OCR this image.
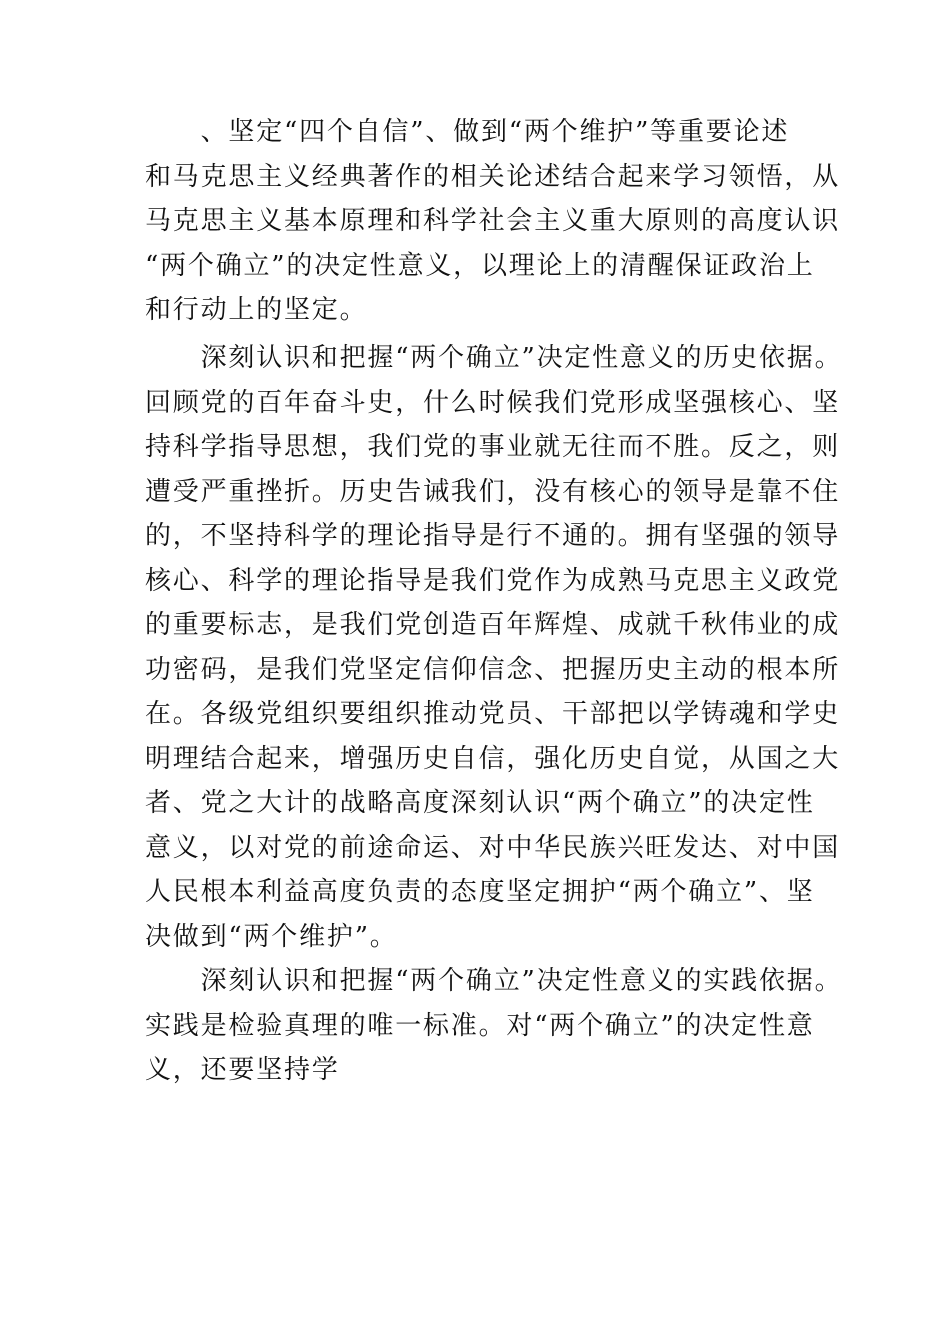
　　、坚定“四个自信”、做到“两个维护”等重要论述
和马克思主义经典著作的相关论述结合起来学习领悟，从
马克思主义基本原理和科学社会主义重大原则的高度认识
“两个确立”的决定性意义，以理论上的清醒保证政治上
和行动上的坚定。
　　深刻认识和把握“两个确立”决定性意义的历史依据。
回顾党的百年奋斗史，什么时候我们党形成坚强核心、坚
持科学指导思想，我们党的事业就无往而不胜。反之，则
遭受严重挫折。历史告诫我们，没有核心的领导是靠不住
的，不坚持科学的理论指导是行不通的。拥有坚强的领导
核心、科学的理论指导是我们党作为成熟马克思主义政党
的重要标志，是我们党创造百年辉煌、成就千秋伟业的成
功密码，是我们党坚定信仰信念、把握历史主动的根本所
在。各级党组织要组织推动党员、干部把以学铸魂和学史
明理结合起来，增强历史自信，强化历史自觉，从国之大
者、党之大计的战略高度深刻认识“两个确立”的决定性
意义，以对党的前途命运、对中华民族兴旺发达、对中国
人民根本利益高度负责的态度坚定拥护“两个确立”、坚
决做到“两个维护”。
　　深刻认识和把握“两个确立”决定性意义的实践依据。
实践是检验真理的唯一标准。对“两个确立”的决定性意
义，还要坚持学
